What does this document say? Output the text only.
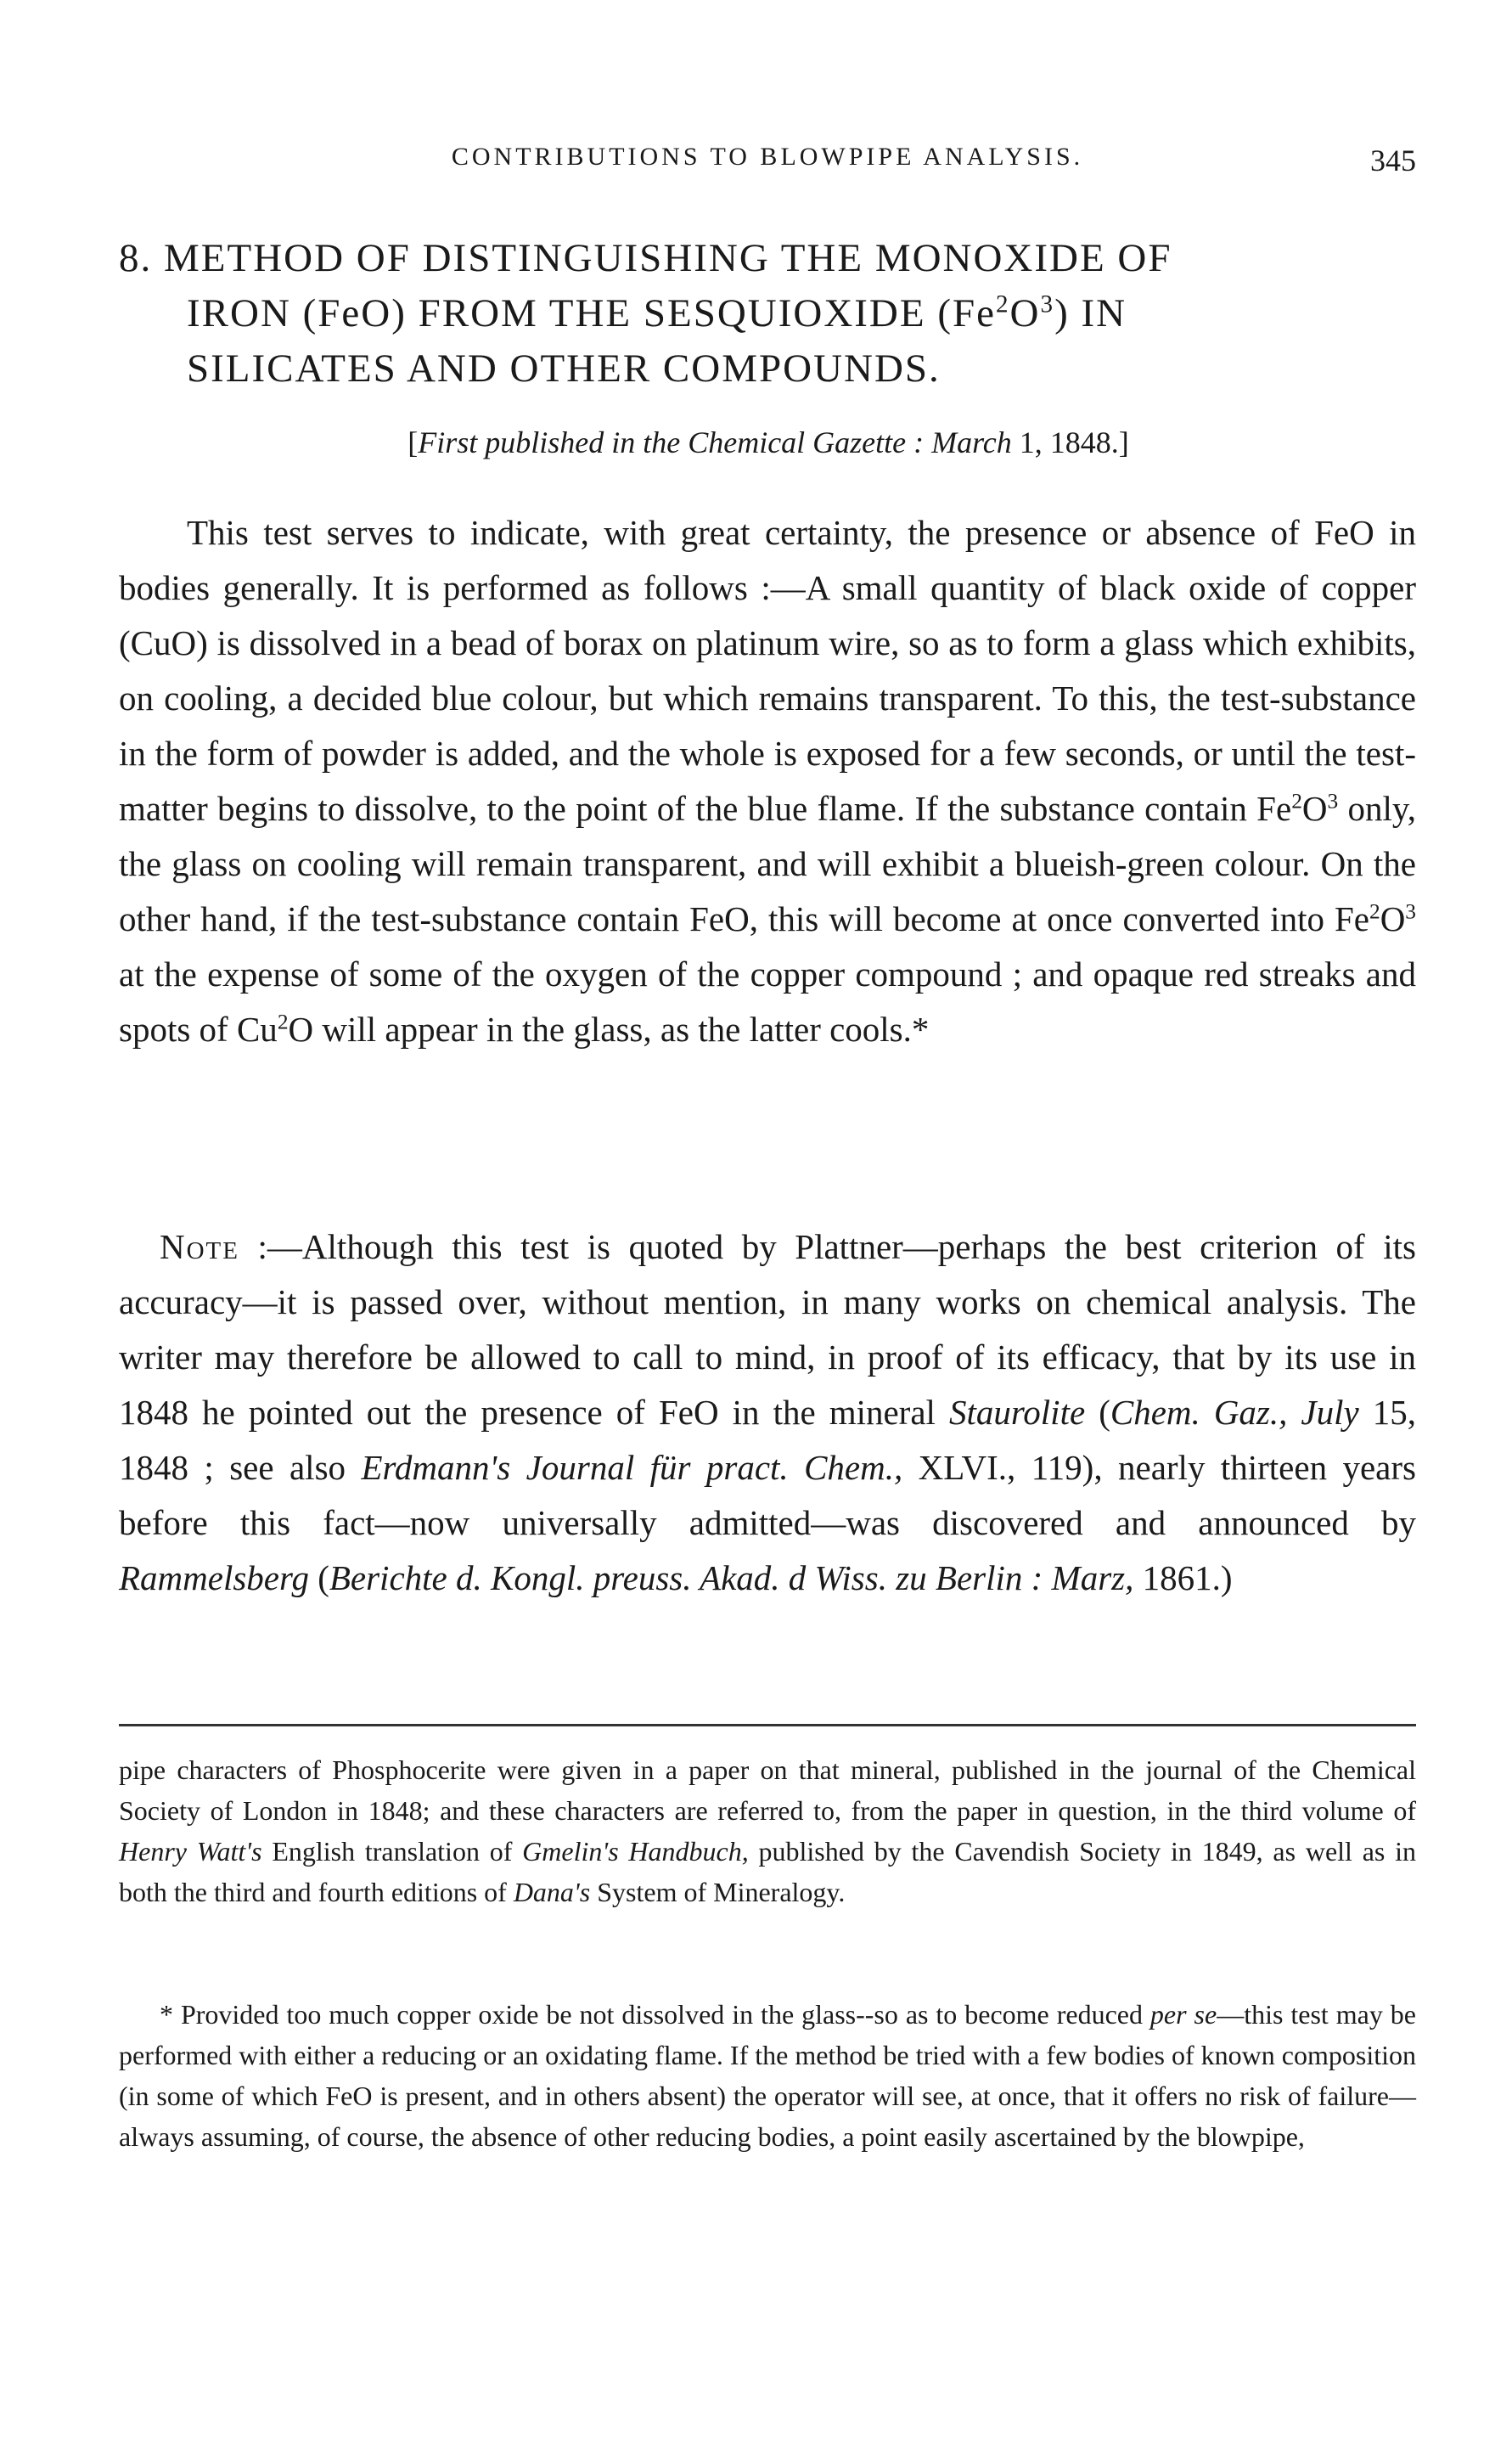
CONTRIBUTIONS TO BLOWPIPE ANALYSIS.	345
8. METHOD OF DISTINGUISHING THE MONOXIDE OF
IRON (FeO) FROM THE SESQUIOXIDE $(Fe^2O^3)$ IN
SILICATES AND OTHER COMPOUNDS.
[First published in the Chemical Gazette : March 1, 1848.]

This test serves to indicate, with great certainty, the presence or absence of FeO in bodies generally. It is performed as follows :—A small quantity of black oxide of copper (CuO) is dissolved in a bead of borax on platinum wire, so as to form a glass which exhibits, on cooling, a decided blue colour, but which remains transparent. To this, the test-substance in the form of powder is added, and the whole is exposed for a few seconds, or until the test-matter begins to dissolve, to the point of the blue flame. If the substance contain $Fe^2O^3$ only, the glass on cooling will remain transparent, and will exhibit a blueish-green colour. On the other hand, if the test-substance contain FeO, this will become at once converted into $Fe^2O^3$ at the expense of some of the oxygen of the copper compound ; and opaque red streaks and spots of Cu$^2$O will appear in the glass, as the latter cools.*

Note :—Although this test is quoted by Plattner—perhaps the best criterion of its accuracy—it is passed over, without mention, in many works on chemical analysis. The writer may therefore be allowed to call to mind, in proof of its efficacy, that by its use in 1848 he pointed out the presence of FeO in the mineral Staurolite (Chem. Gaz., July 15, 1848 ; see also Erdmann's Journal für pract. Chem., XLVI., 119), nearly thirteen years before this fact—now universally admitted—was discovered and announced by Rammelsberg (Berichte d. Kongl. preuss. Akad. d Wiss. zu Berlin : Marz, 1861.)

pipe characters of Phosphocerite were given in a paper on that mineral, published in the journal of the Chemical Society of London in 1848; and these characters are referred to, from the paper in question, in the third volume of Henry Watt's English translation of Gmelin's Handbuch, published by the Cavendish Society in 1849, as well as in both the third and fourth editions of Dana's System of Mineralogy.

* Provided too much copper oxide be not dissolved in the glass--so as to become reduced per se—this test may be performed with either a reducing or an oxidating flame. If the method be tried with a few bodies of known composition (in some of which FeO is present, and in others absent) the operator will see, at once, that it offers no risk of failure—always assuming, of course, the absence of other reducing bodies, a point easily ascertained by the blowpipe,
